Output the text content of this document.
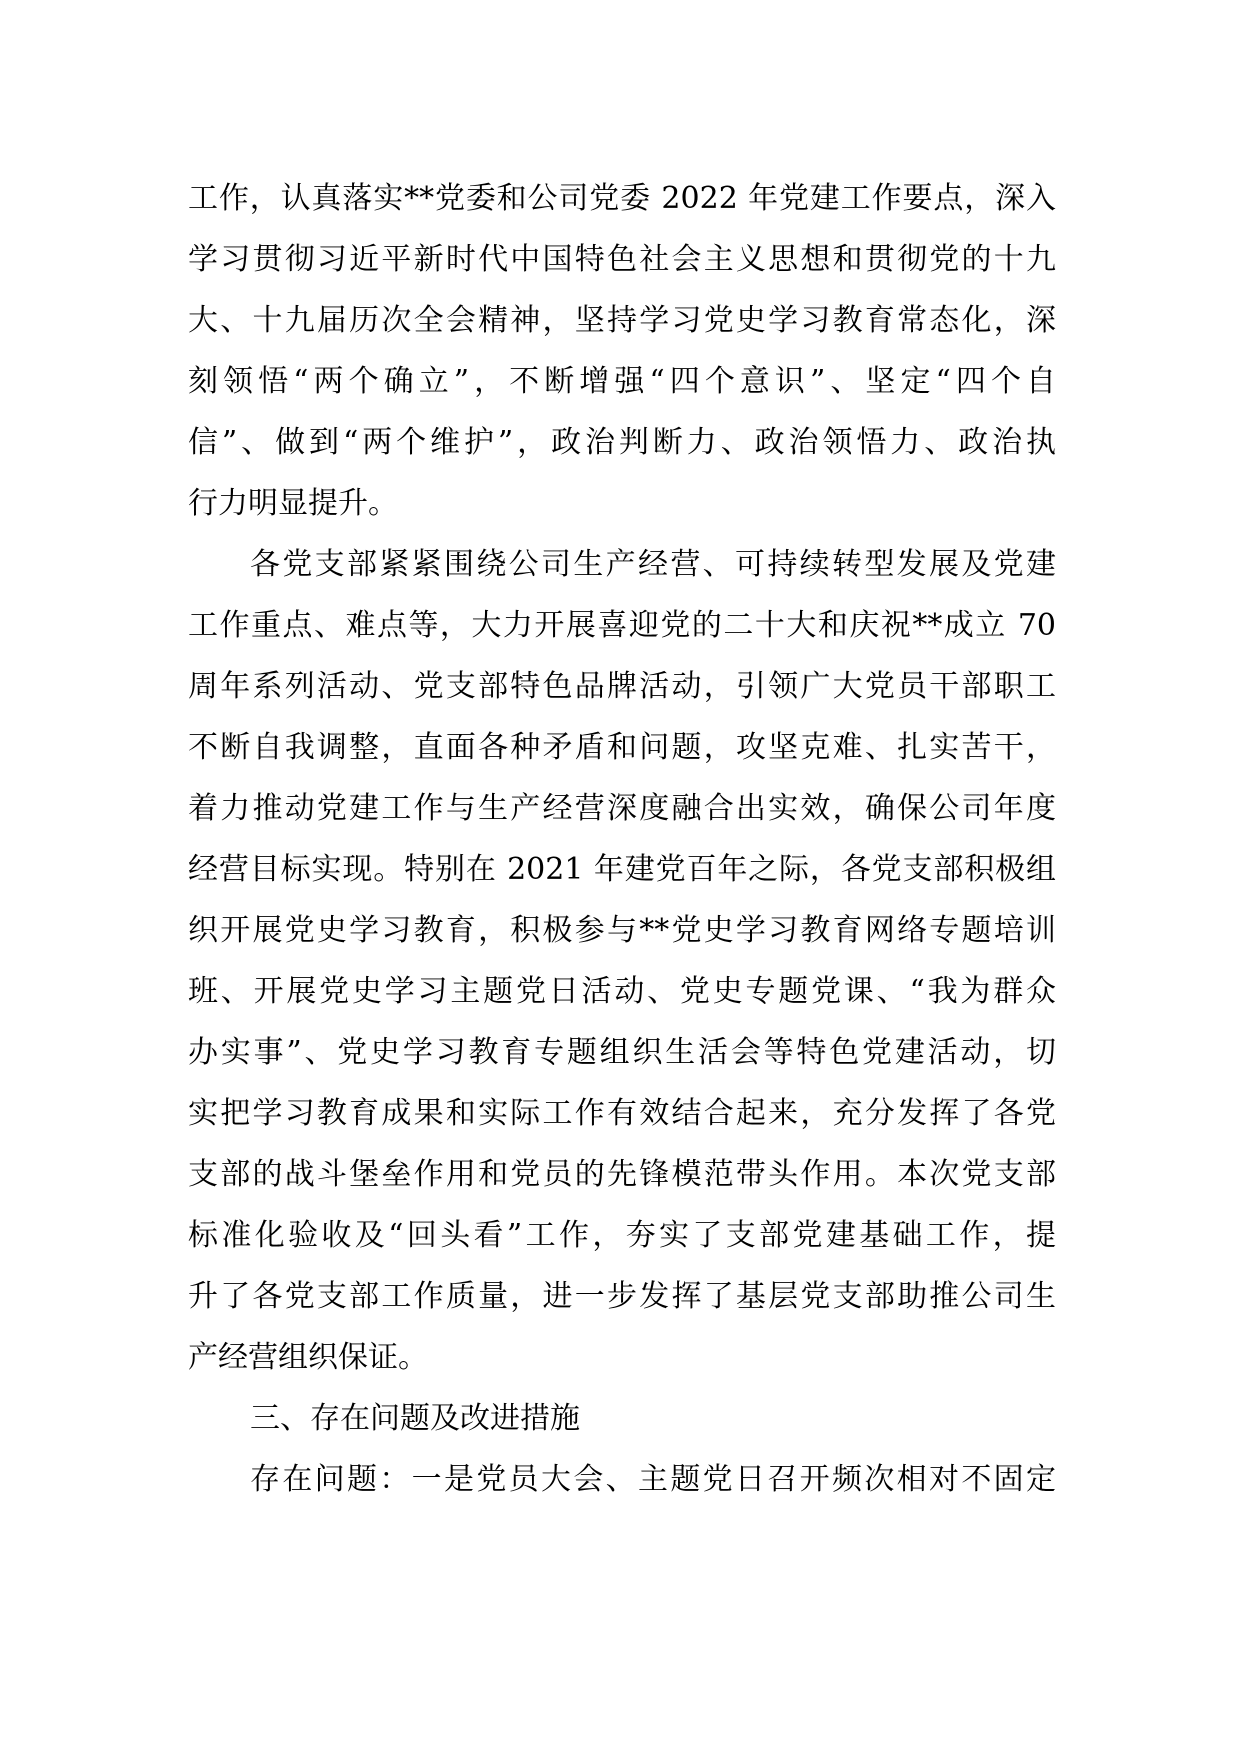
工作，认真落实**党委和公司党委 2022 年党建工作要点，深入
学习贯彻习近平新时代中国特色社会主义思想和贯彻党的十九
大、十九届历次全会精神，坚持学习党史学习教育常态化，深
刻领悟“两个确立”，不断增强“四个意识”、坚定“四个自
信”、做到“两个维护”，政治判断力、政治领悟力、政治执
行力明显提升。
各党支部紧紧围绕公司生产经营、可持续转型发展及党建
工作重点、难点等，大力开展喜迎党的二十大和庆祝**成立 70
周年系列活动、党支部特色品牌活动，引领广大党员干部职工
不断自我调整，直面各种矛盾和问题，攻坚克难、扎实苦干，
着力推动党建工作与生产经营深度融合出实效，确保公司年度
经营目标实现。特别在 2021 年建党百年之际，各党支部积极组
织开展党史学习教育，积极参与**党史学习教育网络专题培训
班、开展党史学习主题党日活动、党史专题党课、“我为群众
办实事”、党史学习教育专题组织生活会等特色党建活动，切
实把学习教育成果和实际工作有效结合起来，充分发挥了各党
支部的战斗堡垒作用和党员的先锋模范带头作用。本次党支部
标准化验收及“回头看”工作，夯实了支部党建基础工作，提
升了各党支部工作质量，进一步发挥了基层党支部助推公司生
产经营组织保证。
三、存在问题及改进措施
存在问题：一是党员大会、主题党日召开频次相对不固定
